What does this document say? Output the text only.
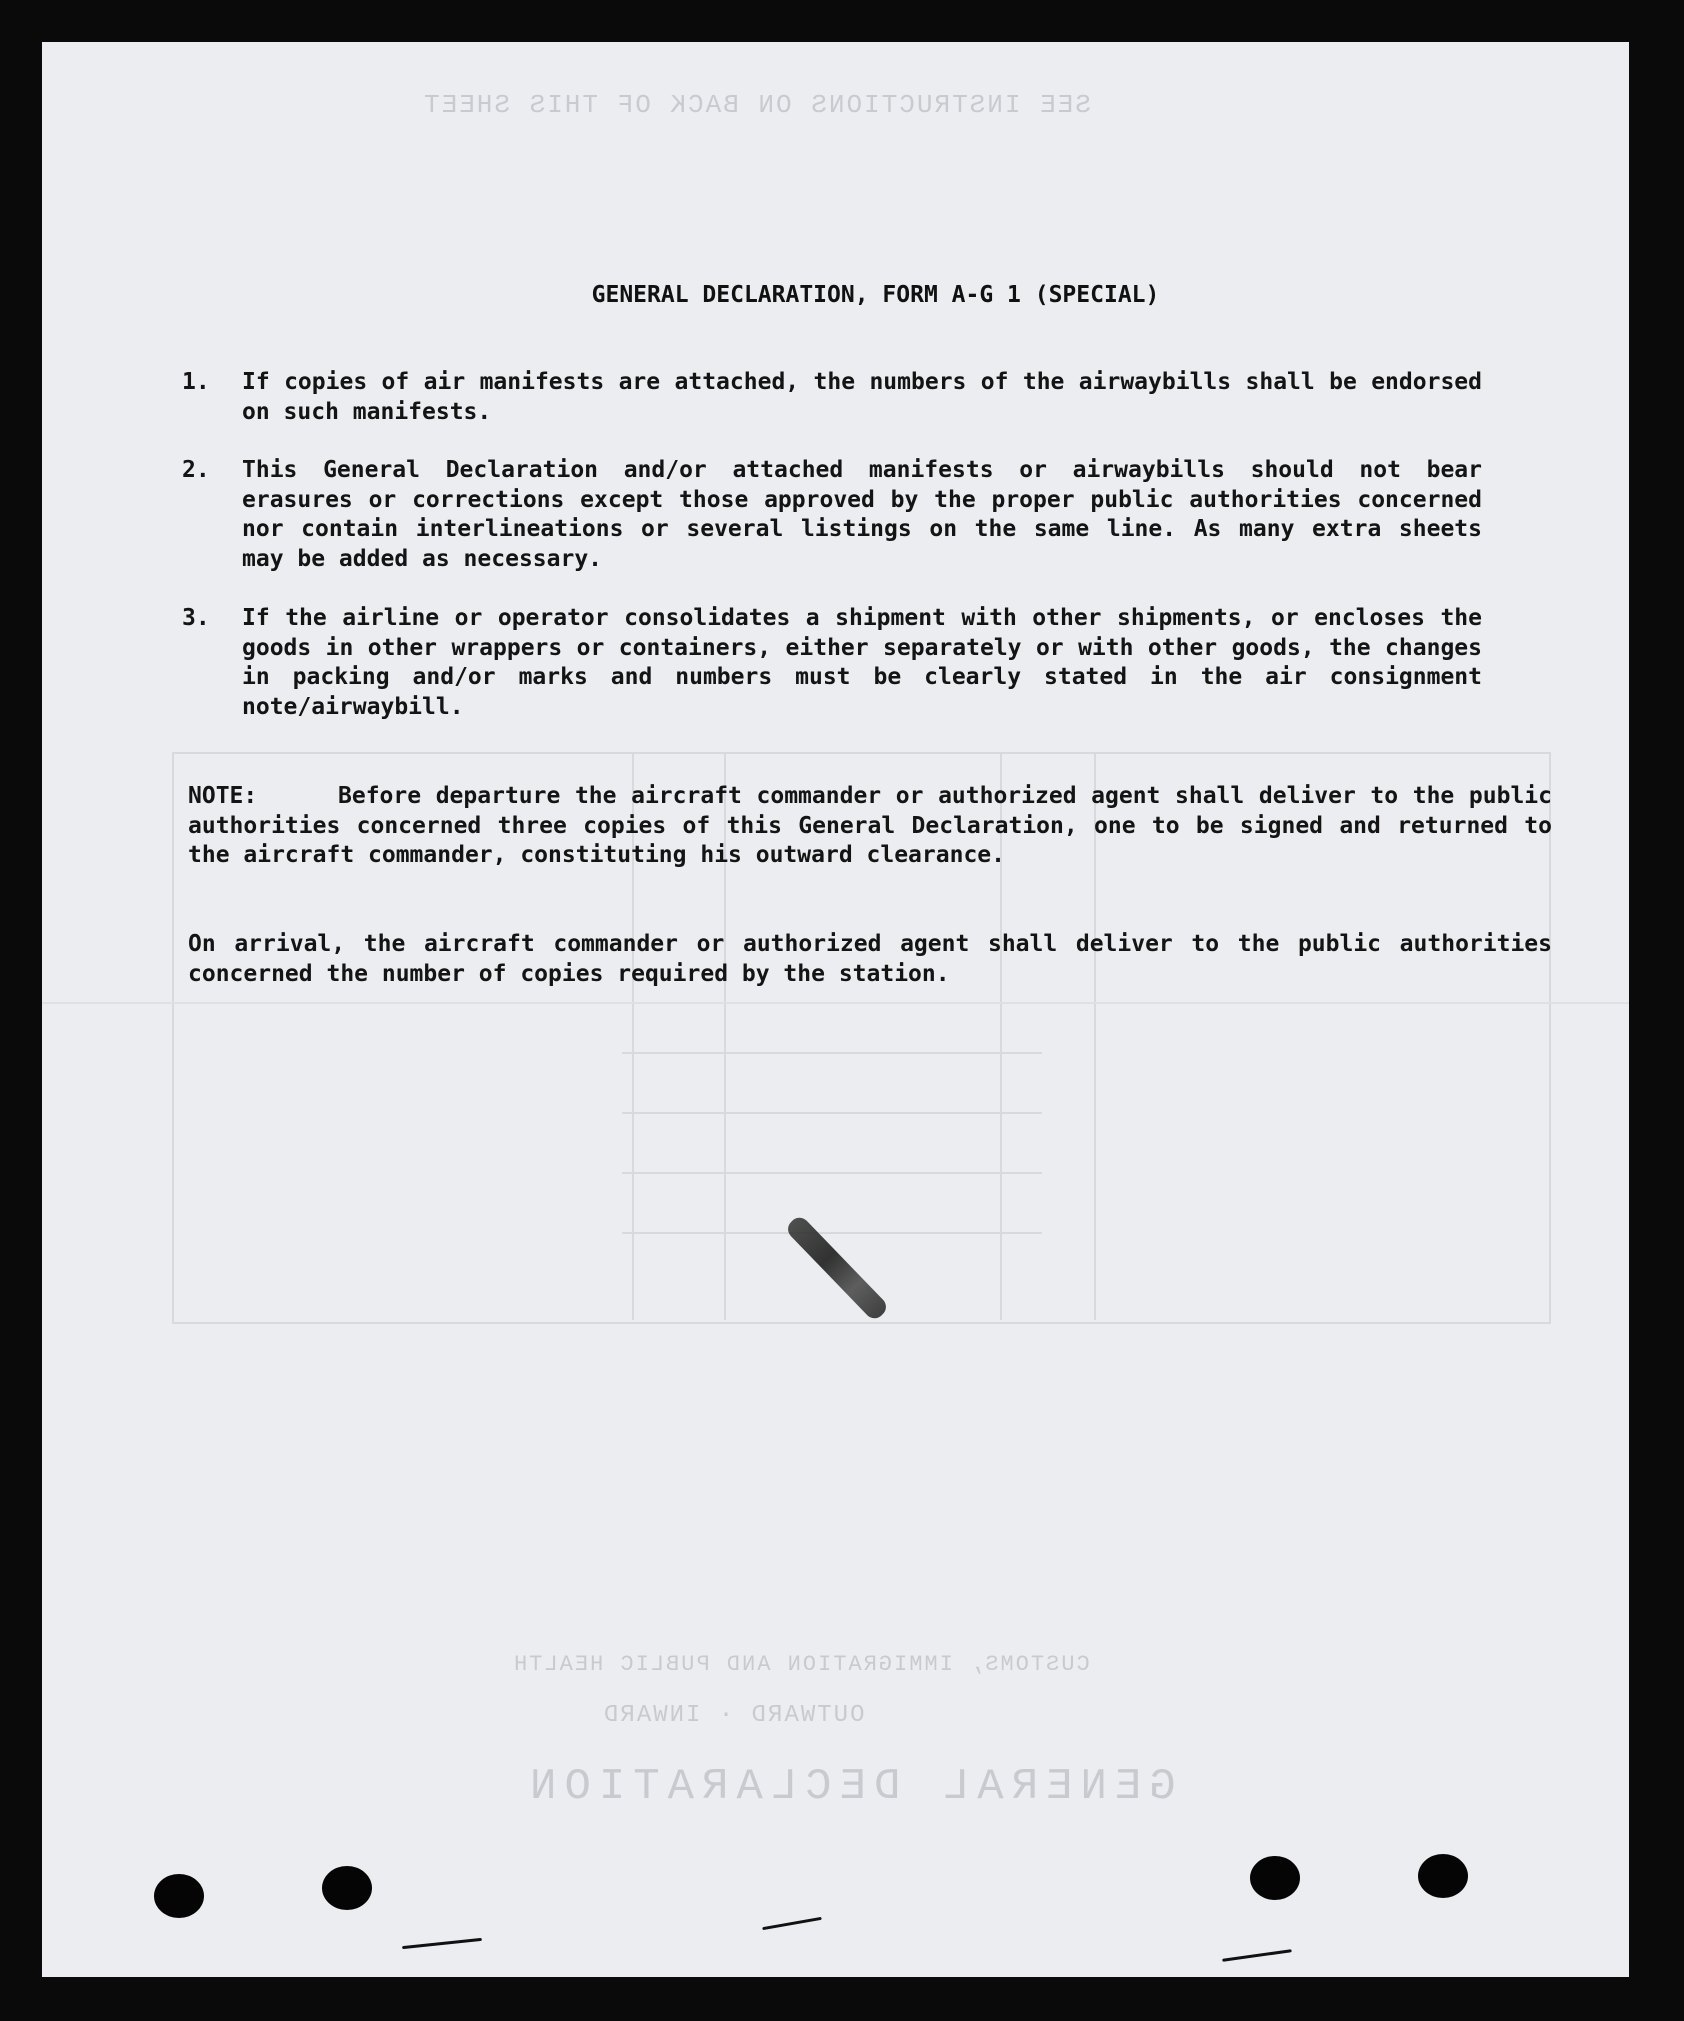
SEE INSTRUCTIONS ON BACK OF THIS SHEET
GENERAL DECLARATION
OUTWARD · INWARD
CUSTOMS, IMMIGRATION AND PUBLIC HEALTH
GENERAL DECLARATION, FORM A-G 1 (SPECIAL)
1.	If copies of air manifests are attached, the numbers of the airwaybills shall be endorsed on such manifests.
2.	This General Declaration and/or attached manifests or airwaybills should not bear erasures or corrections except those approved by the proper public authorities concerned nor contain interlineations or several listings on the same line. As many extra sheets may be added as necessary.
3.	If the airline or operator consolidates a shipment with other shipments, or encloses the goods in other wrappers or containers, either separately or with other goods, the changes in packing and/or marks and numbers must be clearly stated in the air consignment note/airwaybill.
NOTE:	Before departure the aircraft commander or authorized agent shall deliver to the public authorities concerned three copies of this General Declaration, one to be signed and returned to the aircraft commander, constituting his outward clearance.
On arrival, the aircraft commander or authorized agent shall deliver to the public authorities concerned the number of copies required by the station.
